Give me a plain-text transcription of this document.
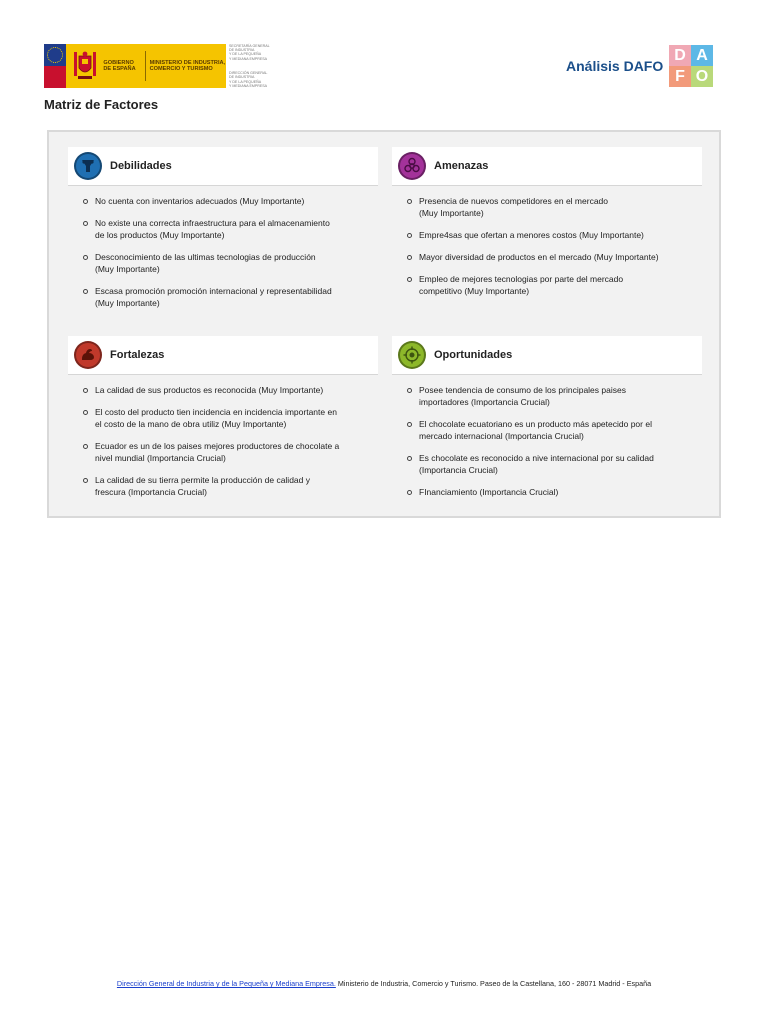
GOBIERNO DE ESPAÑA
MINISTERIO DE INDUSTRIA, COMERCIO Y TURISMO
SECRETARÍA GENERAL
DE INDUSTRIA
Y DE LA PEQUEÑA
Y MEDIANA EMPRESA
DIRECCIÓN GENERAL
DE INDUSTRIA
Y DE LA PEQUEÑA
Y MEDIANA EMPRESA
Análisis DAFO
D A
F O
Matriz de Factores
Debilidades
No cuenta con inventarios adecuados (Muy Importante)
No existe una correcta infraestructura para el almacenamiento
de los productos (Muy Importante)
Desconocimiento de las ultimas tecnologias de producción
(Muy Importante)
Escasa promoción promoción internacional y representabilidad
(Muy Importante)
Amenazas
Presencia de nuevos competidores en el mercado
(Muy Importante)
Empre4sas que ofertan a menores costos (Muy Importante)
Mayor diversidad de productos en el mercado (Muy Importante)
Empleo de mejores tecnologias por parte del mercado
competitivo (Muy Importante)
Fortalezas
La calidad de sus productos es reconocida (Muy Importante)
El costo del producto tien incidencia en incidencia importante en
el costo de la mano de obra utiliz (Muy Importante)
Ecuador es un de los paises mejores productores de chocolate a
nivel mundial (Importancia Crucial)
La calidad de su tierra permite la producción de calidad y
frescura (Importancia Crucial)
Oportunidades
Posee tendencia de consumo de los principales paises
importadores (Importancia Crucial)
El chocolate ecuatoriano es un producto más apetecido por el
mercado internacional (Importancia Crucial)
Es chocolate es reconocido a nive internacional por su calidad
(Importancia Crucial)
FInanciamiento (Importancia Crucial)
Dirección General de Industria y de la Pequeña y Mediana Empresa. Ministerio de Industria, Comercio y Turismo. Paseo de la Castellana, 160 - 28071 Madrid - España
